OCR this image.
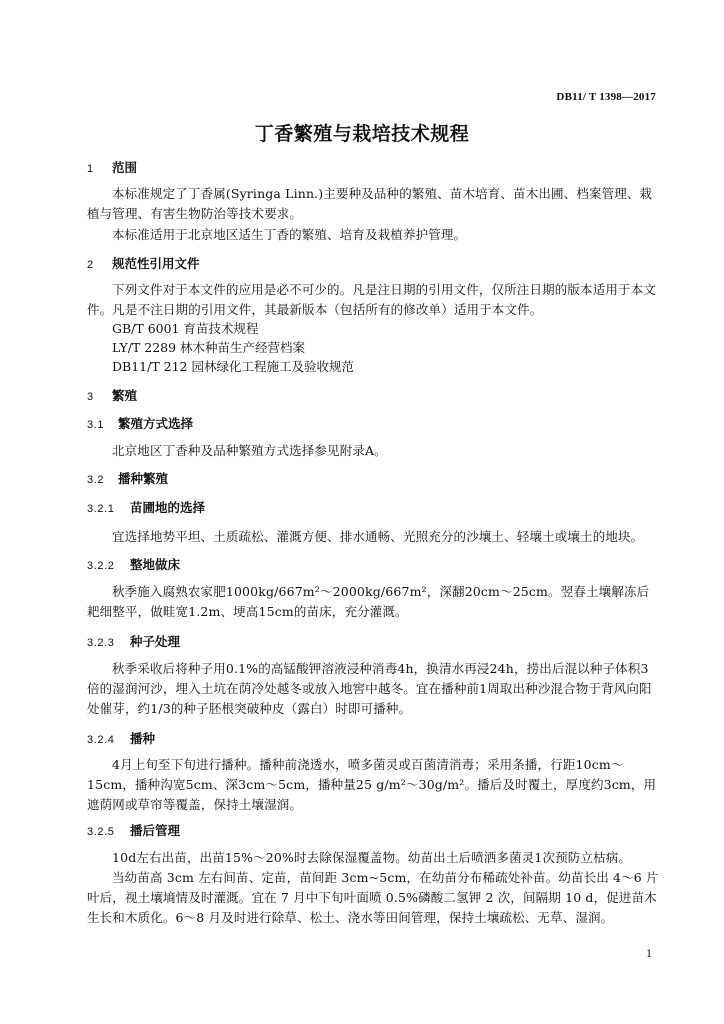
DB11/ T 1398—2017
丁香繁殖与栽培技术规程
1 范围
本标准规定了丁香属(Syringa Linn.)主要种及品种的繁殖、苗木培育、苗木出圃、档案管理、栽植与管理、有害生物防治等技术要求。
本标准适用于北京地区适生丁香的繁殖、培育及栽植养护管理。
2 规范性引用文件
下列文件对于本文件的应用是必不可少的。凡是注日期的引用文件，仅所注日期的版本适用于本文件。凡是不注日期的引用文件，其最新版本（包括所有的修改单）适用于本文件。
GB/T 6001 育苗技术规程
LY/T 2289 林木种苗生产经营档案
DB11/T 212 园林绿化工程施工及验收规范
3 繁殖
3.1 繁殖方式选择
北京地区丁香种及品种繁殖方式选择参见附录A。
3.2 播种繁殖
3.2.1 苗圃地的选择
宜选择地势平坦、土质疏松、灌溉方便、排水通畅、光照充分的沙壤土、轻壤土或壤土的地块。
3.2.2 整地做床
秋季施入腐熟农家肥1000kg/667m²～2000kg/667m²，深翻20cm～25cm。翌春土壤解冻后耙细整平，做畦宽1.2m、埂高15cm的苗床，充分灌溉。
3.2.3 种子处理
秋季采收后将种子用0.1%的高锰酸钾溶液浸种消毒4h，换清水再浸24h，捞出后混以种子体积3倍的湿润河沙，埋入土坑在荫冷处越冬或放入地窖中越冬。宜在播种前1周取出种沙混合物于背风向阳处催芽，约1/3的种子胚根突破种皮（露白）时即可播种。
3.2.4 播种
4月上旬至下旬进行播种。播种前浇透水，喷多菌灵或百菌清消毒；采用条播，行距10cm～15cm，播种沟宽5cm、深3cm～5cm，播种量25 g/m²～30g/m²。播后及时覆土，厚度约3cm，用遮荫网或草帘等覆盖，保持土壤湿润。
3.2.5 播后管理
10d左右出苗，出苗15%～20%时去除保湿覆盖物。幼苗出土后喷洒多菌灵1次预防立枯病。
当幼苗高 3cm 左右间苗、定苗，苗间距 3cm~5cm，在幼苗分布稀疏处补苗。幼苗长出 4～6 片叶后，视土壤墒情及时灌溉。宜在 7 月中下旬叶面喷 0.5%磷酸二氢钾 2 次，间隔期 10 d，促进苗木生长和木质化。6～8 月及时进行除草、松土、浇水等田间管理，保持土壤疏松、无草、湿润。
1
